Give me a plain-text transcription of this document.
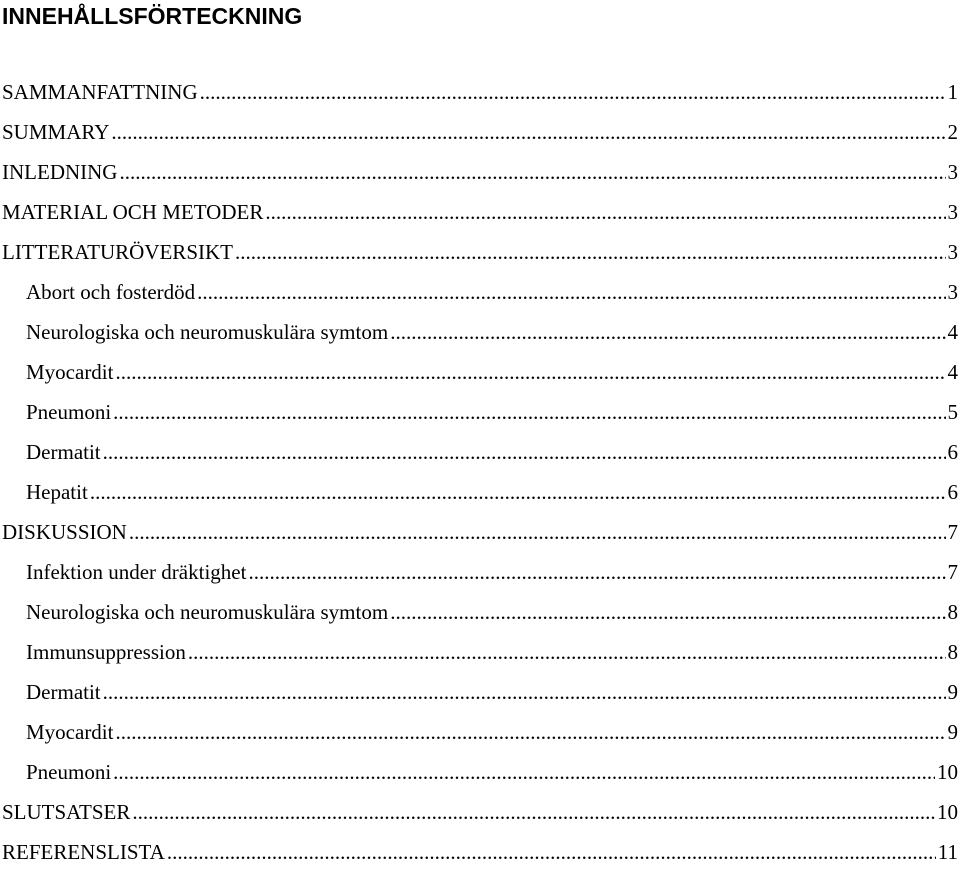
INNEHÅLLSFÖRTECKNING
SAMMANFATTNING .....	1
SUMMARY .....	2
INLEDNING .....	3
MATERIAL OCH METODER .....	3
LITTERATURÖVERSIKT .....	3
Abort och fosterdöd .....	3
Neurologiska och neuromuskulära symtom .....	4
Myocardit .....	4
Pneumoni .....	5
Dermatit .....	6
Hepatit .....	6
DISKUSSION .....	7
Infektion under dräktighet .....	7
Neurologiska och neuromuskulära symtom .....	8
Immunsuppression .....	8
Dermatit .....	9
Myocardit .....	9
Pneumoni .....	10
SLUTSATSER .....	10
REFERENSLISTA .....	11
